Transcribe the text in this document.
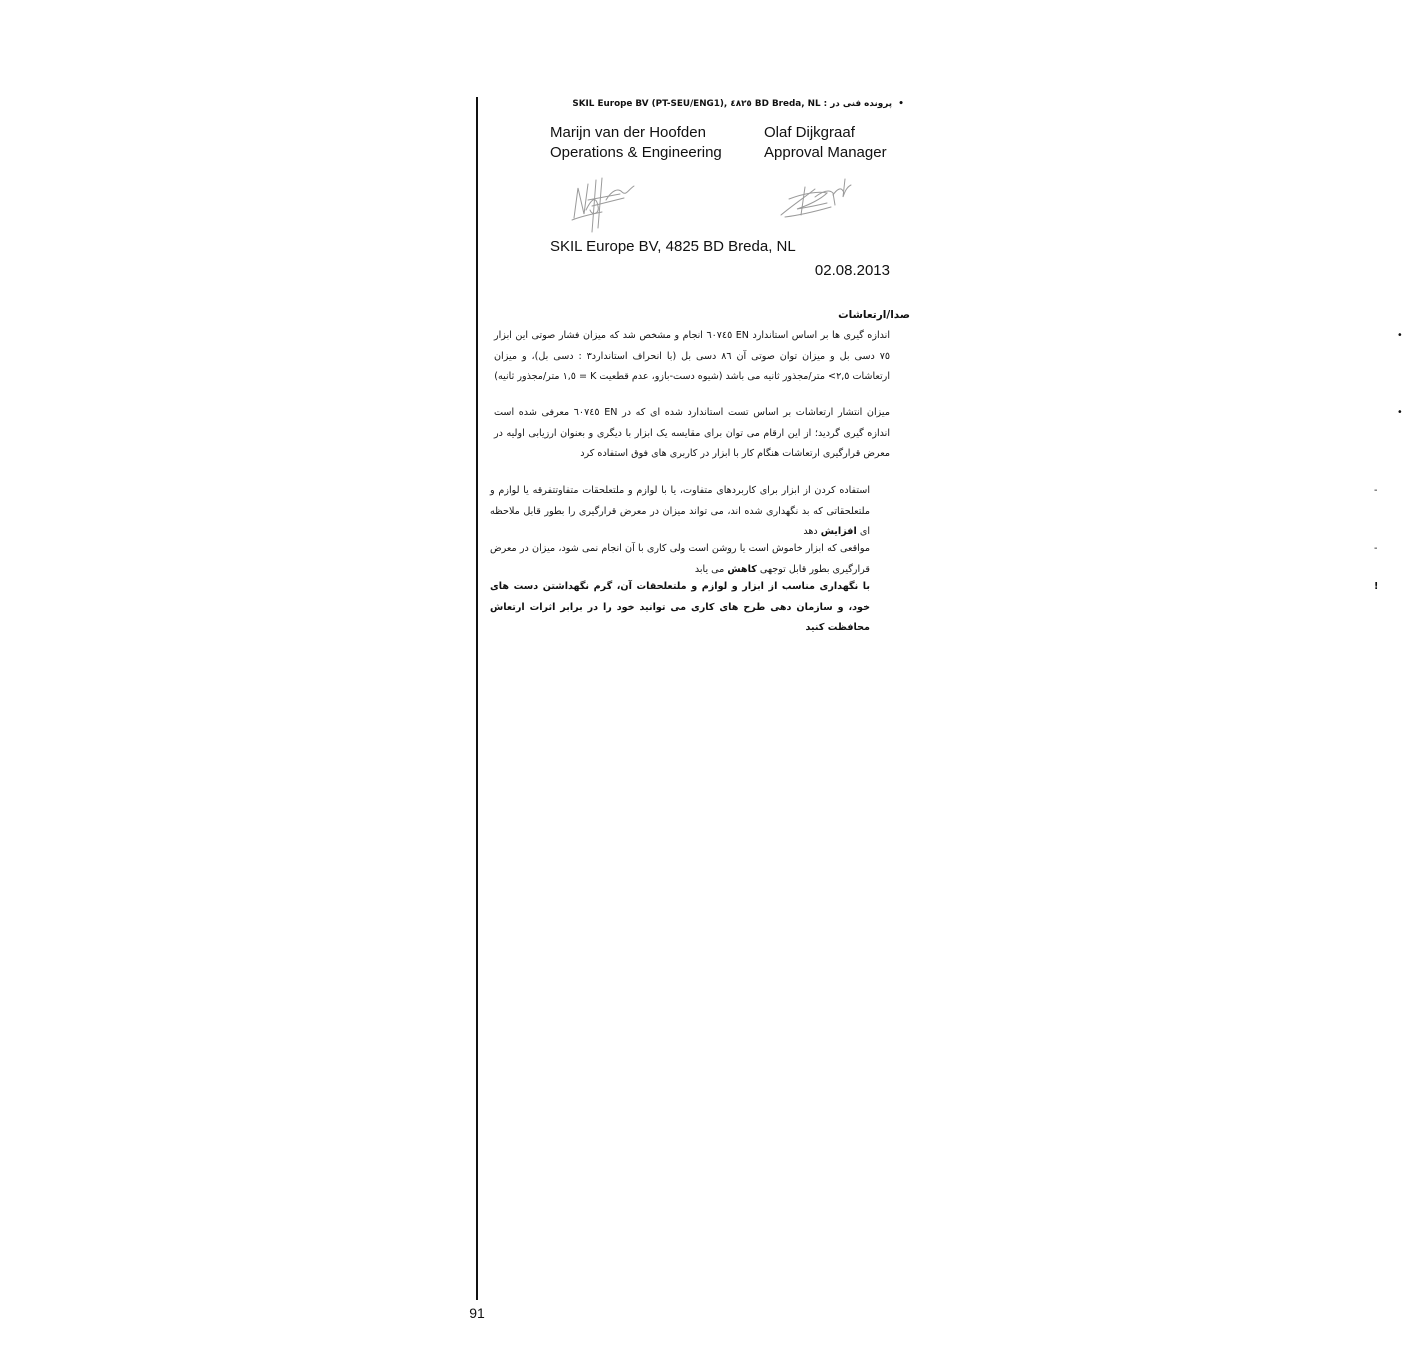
•پرونده فنی در SKIL Europe BV (PT-SEU/ENG1), ٤٨٢٥ BD Breda, NL :
Marijn van der Hoofden
Operations & Engineering
Olaf Dijkgraaf
Approval Manager
SKIL Europe BV, 4825 BD Breda, NL
02.08.2013
صدا/ارتعاشات
•

اندازه گیری ها بر اساس استاندارد EN ٦٠٧٤٥ انجام و مشخص شد که میزان فشار صوتی این ابزار ٧٥ دسی بل و میزان توان صوتی آن ٨٦ دسی بل (با انحراف استاندارد٣ : دسی بل)، و میزان ارتعاشات ٢,٥> متر/مجذور ثانیه می باشد (شیوه دست-بازو، عدم قطعیت K = ١,٥ متر/مجذور ثانیه)

•

میزان انتشار ارتعاشات بر اساس تست استاندارد شده ای که در EN ٦٠٧٤٥ معرفی شده است اندازه گیری گردید؛ از این ارقام می توان برای مقایسه یک ابزار با دیگری و بعنوان ارزیابی اولیه در معرض قرارگیری ارتعاشات هنگام کار با ابزار در کاربری های فوق استفاده کرد

-

استفاده کردن از ابزار برای کاربردهای متفاوت، یا با لوازم و ملتعلحقات متفاوتتفرقه یا لوازم و ملتعلحقاتی که بد نگهداری شده اند، می تواند میزان در معرض قرارگیری را بطور قابل ملاحظه ای افزایش دهد

-

مواقعی که ابزار خاموش است یا روشن است ولی کاری با آن انجام نمی شود، میزان در معرض قرارگیری بطور قابل توجهی کاهش می یابد

!

با نگهداری مناسب از ابزار و لوازم و ملتعلحقات آن، گرم نگهداشتن دست های خود، و سازمان دهی طرح های کاری می توانید خود را در برابر اثرات ارتعاش محافظت کنید

91
